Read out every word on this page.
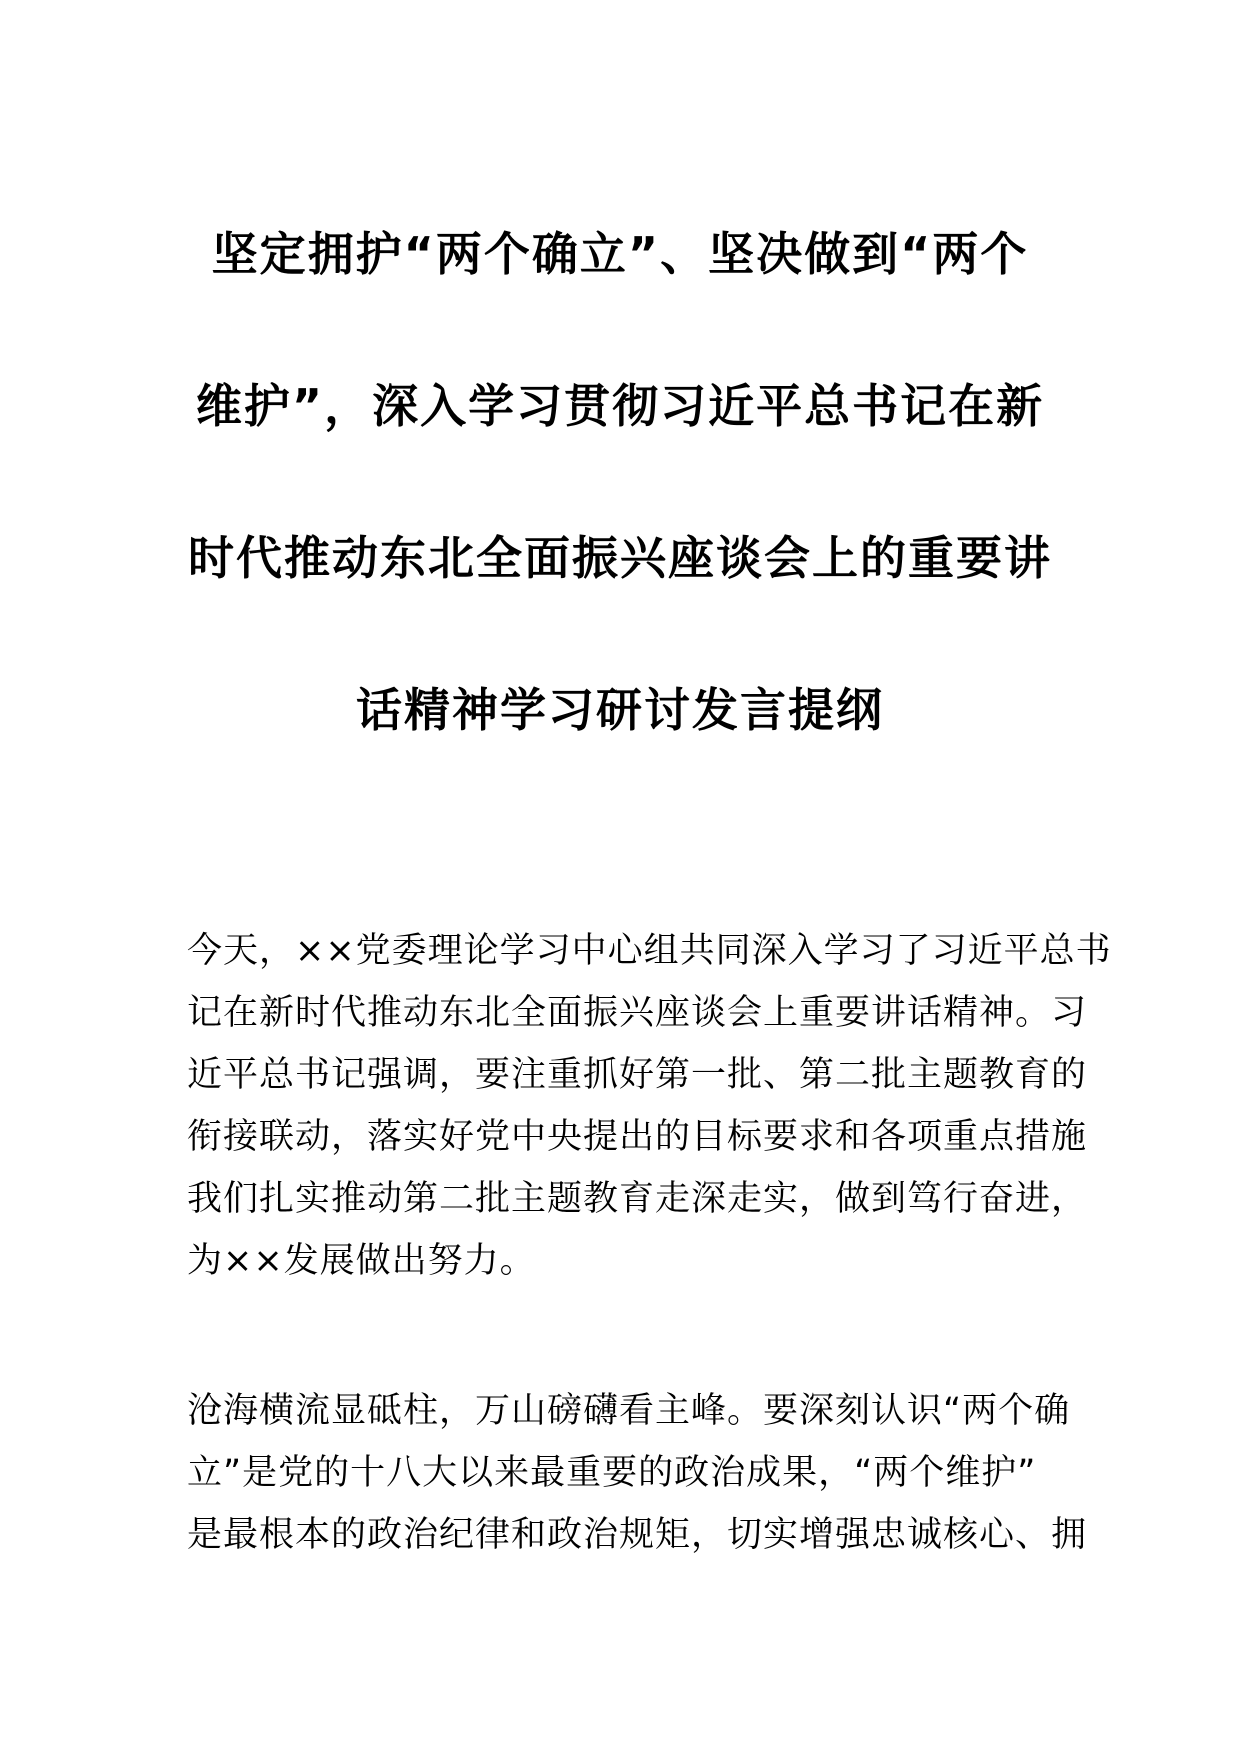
坚定拥护“两个确立”、坚决做到“两个
维护”，深入学习贯彻习近平总书记在新
时代推动东北全面振兴座谈会上的重要讲
话精神学习研讨发言提纲
今天，××党委理论学习中心组共同深入学习了习近平总书
记在新时代推动东北全面振兴座谈会上重要讲话精神。习
近平总书记强调，要注重抓好第一批、第二批主题教育的
衔接联动，落实好党中央提出的目标要求和各项重点措施
我们扎实推动第二批主题教育走深走实，做到笃行奋进，
为××发展做出努力。
沧海横流显砥柱，万山磅礴看主峰。要深刻认识“两个确
立”是党的十八大以来最重要的政治成果，“两个维护”
是最根本的政治纪律和政治规矩，切实增强忠诚核心、拥
